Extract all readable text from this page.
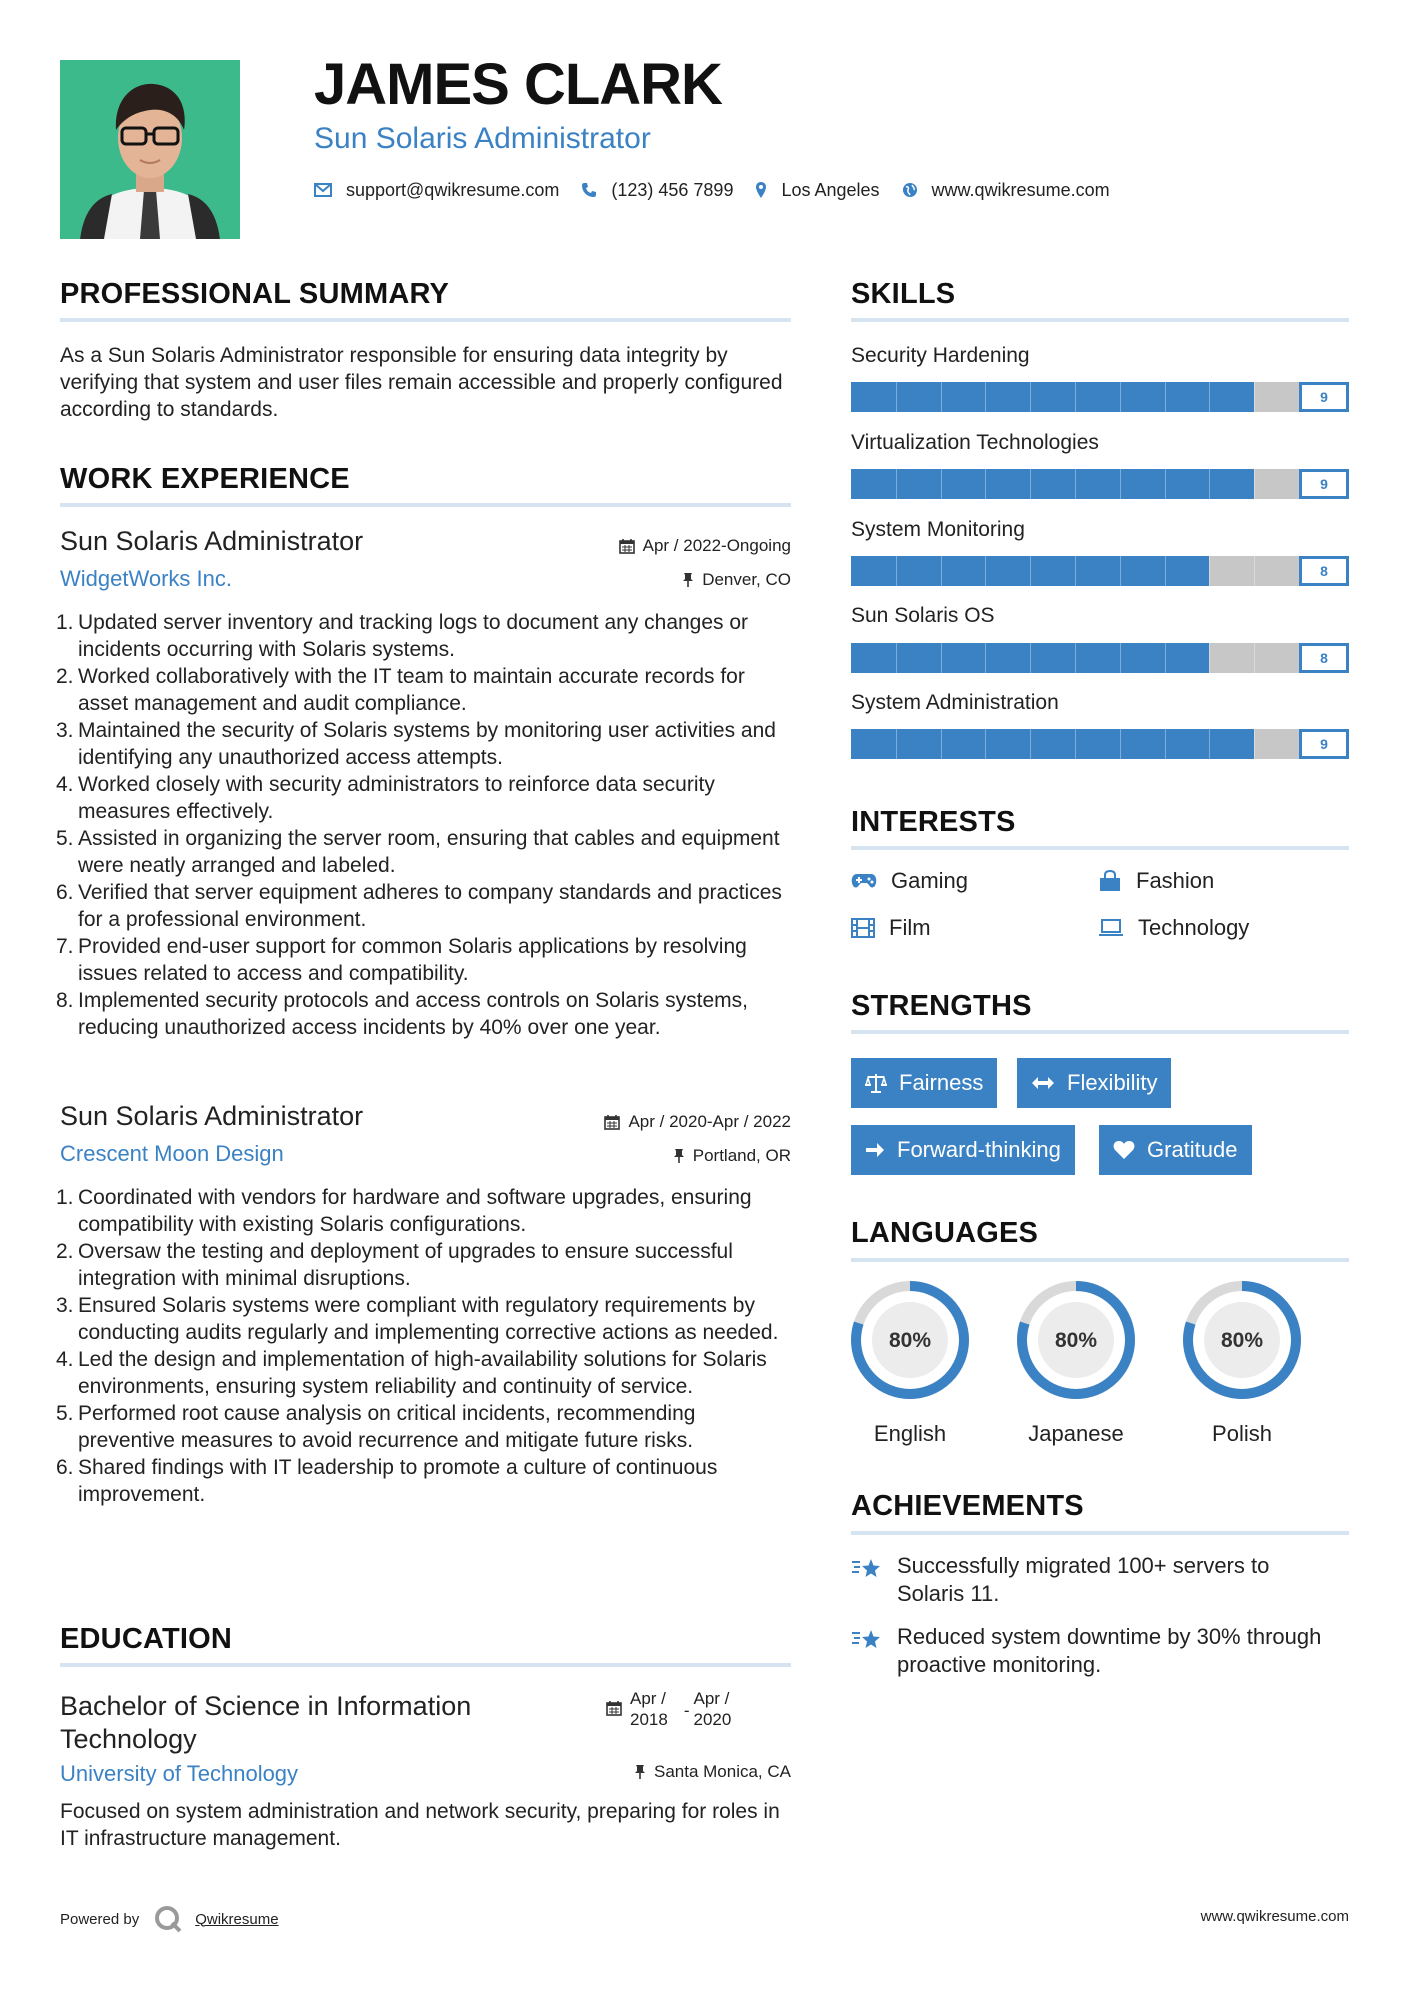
JAMES CLARK
Sun Solaris Administrator
support@qwikresume.com	(123) 456 7899	Los Angeles	www.qwikresume.com
PROFESSIONAL SUMMARY
As a Sun Solaris Administrator responsible for ensuring data integrity by verifying that system and user files remain accessible and properly configured according to standards.
WORK EXPERIENCE
Sun Solaris Administrator	Apr / 2022-Ongoing
WidgetWorks Inc.	Denver, CO
1. Updated server inventory and tracking logs to document any changes or incidents occurring with Solaris systems.
2. Worked collaboratively with the IT team to maintain accurate records for asset management and audit compliance.
3. Maintained the security of Solaris systems by monitoring user activities and identifying any unauthorized access attempts.
4. Worked closely with security administrators to reinforce data security measures effectively.
5. Assisted in organizing the server room, ensuring that cables and equipment were neatly arranged and labeled.
6. Verified that server equipment adheres to company standards and practices for a professional environment.
7. Provided end-user support for common Solaris applications by resolving issues related to access and compatibility.
8. Implemented security protocols and access controls on Solaris systems, reducing unauthorized access incidents by 40% over one year.
Sun Solaris Administrator	Apr / 2020-Apr / 2022
Crescent Moon Design	Portland, OR
1. Coordinated with vendors for hardware and software upgrades, ensuring compatibility with existing Solaris configurations.
2. Oversaw the testing and deployment of upgrades to ensure successful integration with minimal disruptions.
3. Ensured Solaris systems were compliant with regulatory requirements by conducting audits regularly and implementing corrective actions as needed.
4. Led the design and implementation of high-availability solutions for Solaris environments, ensuring system reliability and continuity of service.
5. Performed root cause analysis on critical incidents, recommending preventive measures to avoid recurrence and mitigate future risks.
6. Shared findings with IT leadership to promote a culture of continuous improvement.
EDUCATION
Bachelor of Science in Information
Technology
Apr /
2018 -
Apr /
2020
University of Technology	Santa Monica, CA
Focused on system administration and network security, preparing for roles in IT infrastructure management.
SKILLS
Security Hardening
9
Virtualization Technologies
9
System Monitoring
8
Sun Solaris OS
8
System Administration
9
INTERESTS
Gaming	Fashion
Film	Technology
STRENGTHS
Fairness	Flexibility
Forward-thinking	Gratitude
LANGUAGES
80%
English
80%
Japanese
80%
Polish
ACHIEVEMENTS
Successfully migrated 100+ servers to
Solaris 11.
Reduced system downtime by 30% through
proactive monitoring.
Powered by	Qwikresume	www.qwikresume.com
